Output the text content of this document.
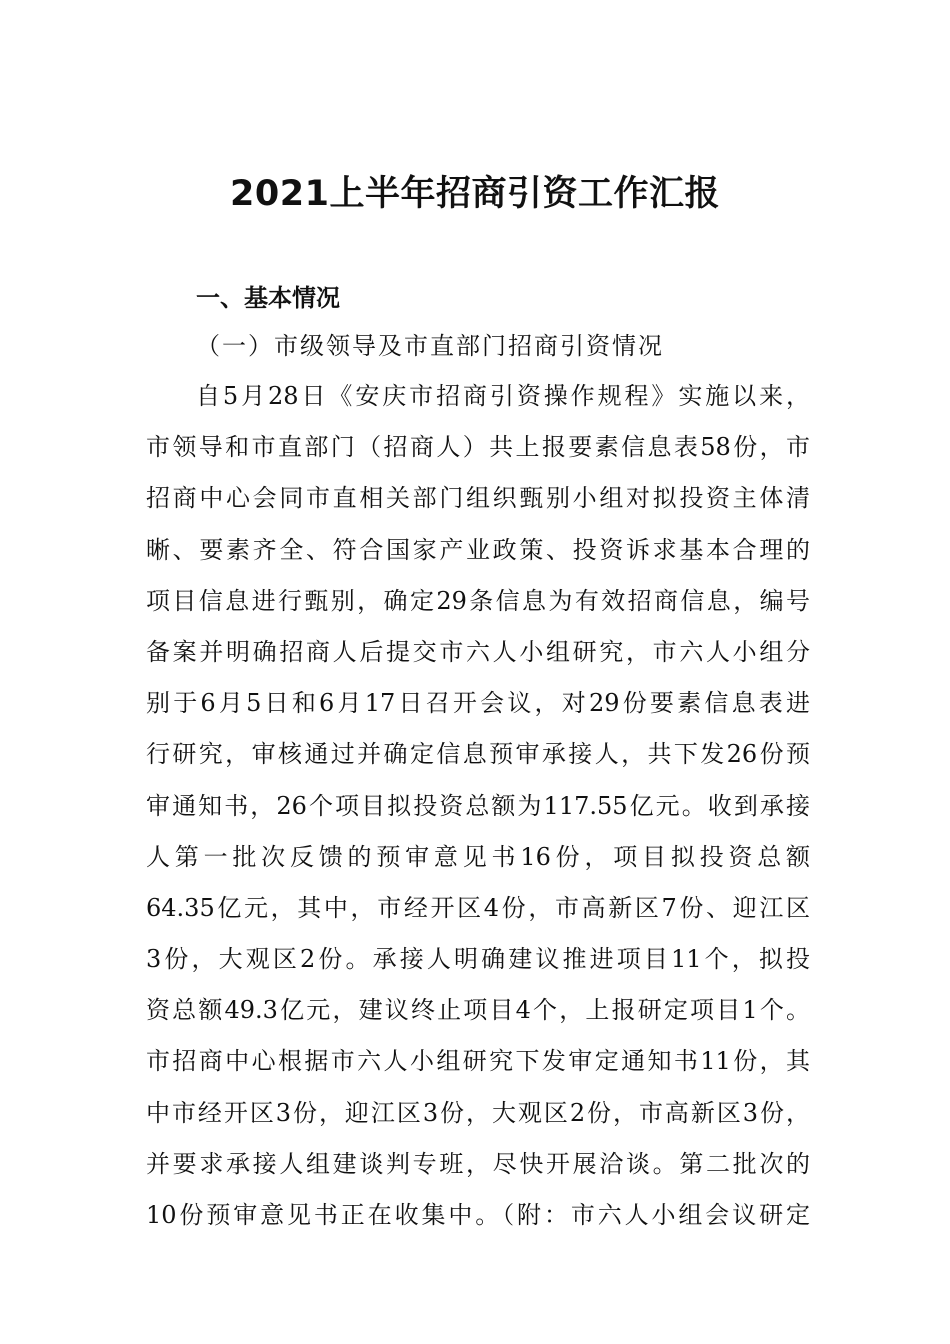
2021上半年招商引资工作汇报
一、基本情况
（一）市级领导及市直部门招商引资情况
自5月28日《安庆市招商引资操作规程》实施以来，
市领导和市直部门（招商人）共上报要素信息表58份，市
招商中心会同市直相关部门组织甄别小组对拟投资主体清
晰、要素齐全、符合国家产业政策、投资诉求基本合理的
项目信息进行甄别，确定29条信息为有效招商信息，编号
备案并明确招商人后提交市六人小组研究，市六人小组分
别于6月5日和6月17日召开会议，对29份要素信息表进
行研究，审核通过并确定信息预审承接人，共下发26份预
审通知书，26个项目拟投资总额为117.55亿元。收到承接
人第一批次反馈的预审意见书16份，项目拟投资总额
64.35亿元，其中，市经开区4份，市高新区7份、迎江区
3份，大观区2份。承接人明确建议推进项目11个，拟投
资总额49.3亿元，建议终止项目4个，上报研定项目1个。
市招商中心根据市六人小组研究下发审定通知书11份，其
中市经开区3份，迎江区3份，大观区2份，市高新区3份，
并要求承接人组建谈判专班，尽快开展洽谈。第二批次的
10份预审意见书正在收集中。（附：市六人小组会议研定
